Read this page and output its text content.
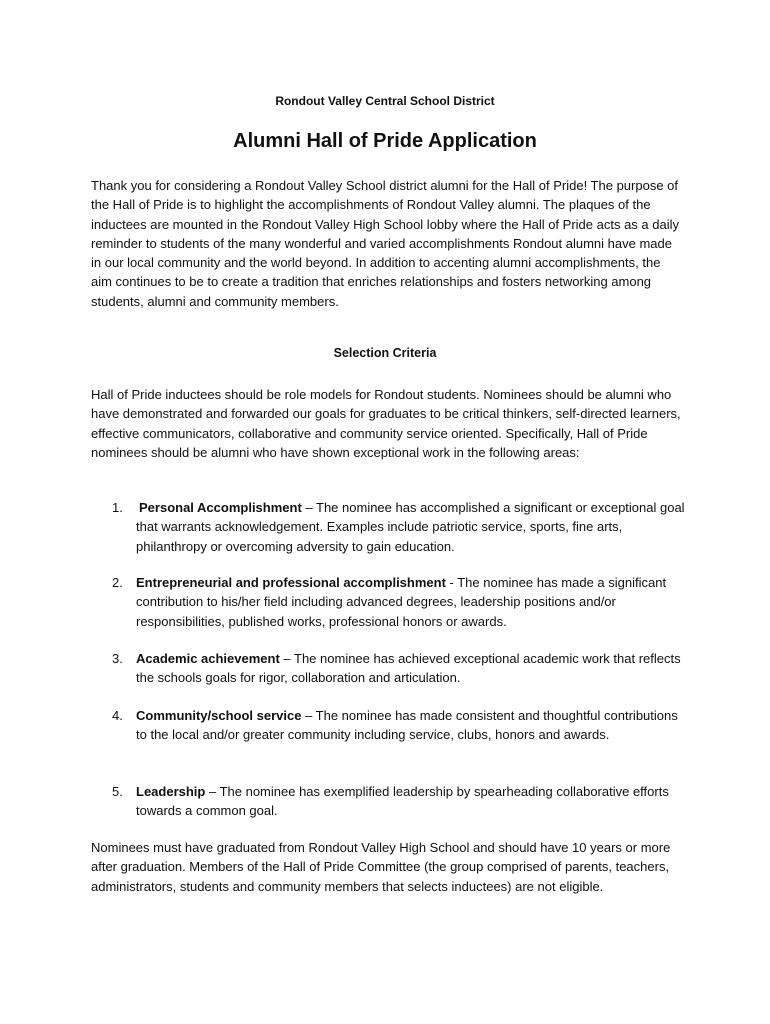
Rondout Valley Central School District
Alumni Hall of Pride Application

Thank you for considering a Rondout Valley School district alumni for the Hall of Pride! The purpose of the Hall of Pride is to highlight the accomplishments of Rondout Valley alumni. The plaques of the inductees are mounted in the Rondout Valley High School lobby where the Hall of Pride acts as a daily reminder to students of the many wonderful and varied accomplishments Rondout alumni have made in our local community and the world beyond. In addition to accenting alumni accomplishments, the aim continues to be to create a tradition that enriches relationships and fosters networking among students, alumni and community members.

Selection Criteria

Hall of Pride inductees should be role models for Rondout students. Nominees should be alumni who have demonstrated and forwarded our goals for graduates to be critical thinkers, self-directed learners, effective communicators, collaborative and community service oriented. Specifically, Hall of Pride nominees should be alumni who have shown exceptional work in the following areas:

1.	Personal Accomplishment – The nominee has accomplished a significant or exceptional goal that warrants acknowledgement. Examples include patriotic service, sports, fine arts, philanthropy or overcoming adversity to gain education.
2.	Entrepreneurial and professional accomplishment - The nominee has made a significant contribution to his/her field including advanced degrees, leadership positions and/or responsibilities, published works, professional honors or awards.
3.	Academic achievement – The nominee has achieved exceptional academic work that reflects the schools goals for rigor, collaboration and articulation.
4.	Community/school service – The nominee has made consistent and thoughtful contributions to the local and/or greater community including service, clubs, honors and awards.
5.	Leadership – The nominee has exemplified leadership by spearheading collaborative efforts towards a common goal.

Nominees must have graduated from Rondout Valley High School and should have 10 years or more after graduation. Members of the Hall of Pride Committee (the group comprised of parents, teachers, administrators, students and community members that selects inductees) are not eligible.
